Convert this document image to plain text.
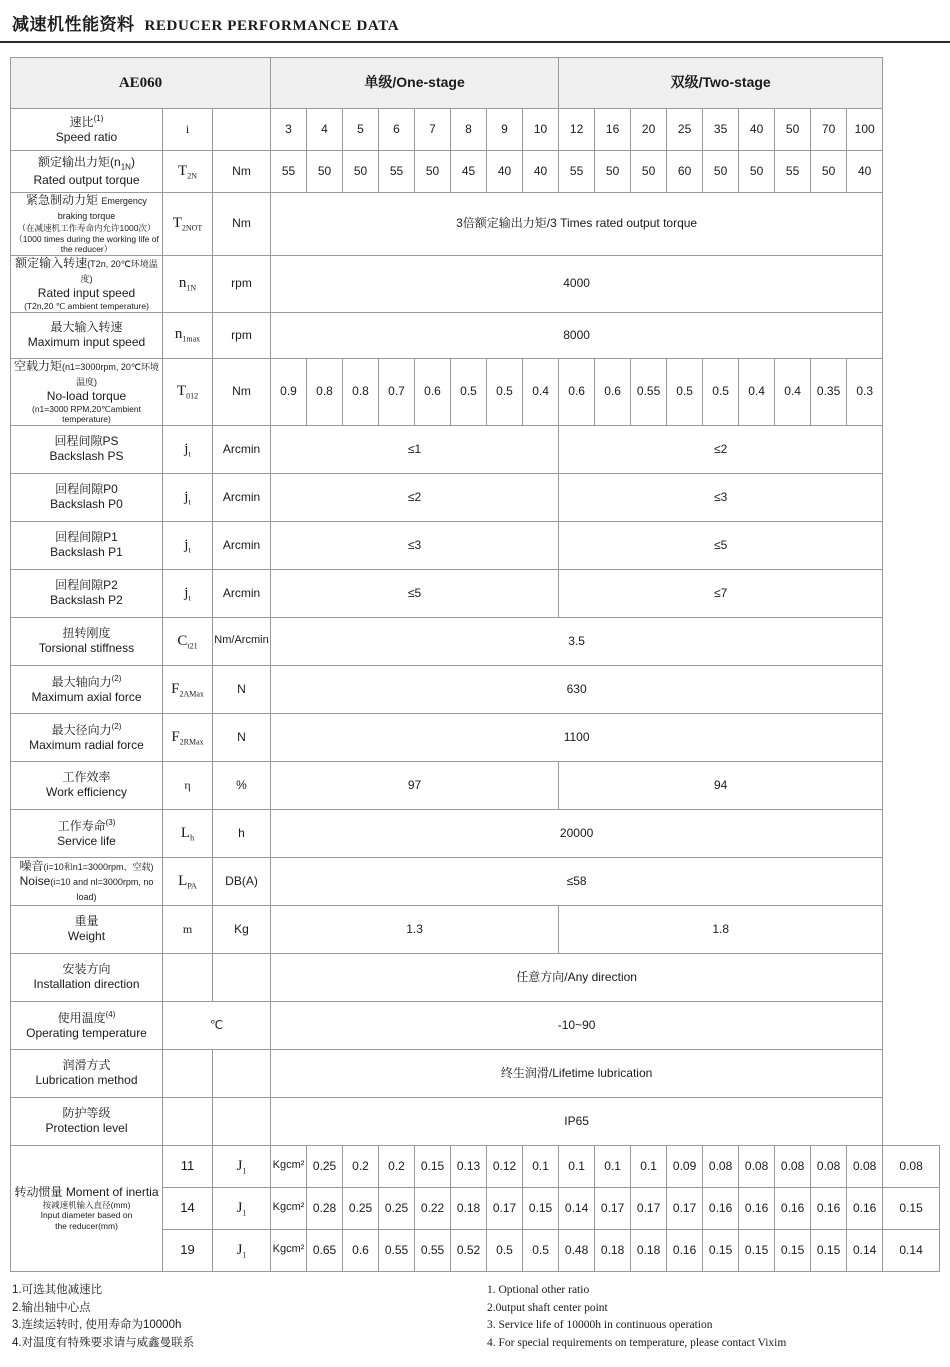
减速机性能资料 REDUCER PERFORMANCE DATA
AE060			单级/One-stage								双级/Two-stage									

速比$^{(1)}$
Speed ratio	i		3	4	5	6	7	8	9	10	12	16	20	25	35	40	50	70	100	

额定输出力矩$(n_{1N})$
Rated output torque	$T_{2N}$	Nm	55	50	50	55	50	45	40	40	55	50	50	60	50	50	55	50	40	

紧急制动力矩 Emergency braking torque
（在减速机工作寿命内允许1000次）
（1000 times during the working life of the reducer）	$T_{2NOT}$	Nm	3倍额定输出力矩/3 Times rated output torque																	

额定输入转速(T2n, 20℃环境温度)
Rated input speed
(T2n,20 ℃ ambient temperature)	$n_{1N}$	rpm	4000																	

最大输入转速
Maximum input speed	$n_{1max}$	rpm	8000																	

空载力矩(n1=3000rpm, 20℃环境温度)
No-load torque
(n1=3000 RPM,20℃ambient temperature)	$T_{012}$	Nm	0.9	0.8	0.8	0.7	0.6	0.5	0.5	0.4	0.6	0.6	0.55	0.5	0.5	0.4	0.4	0.35	0.3	

回程间隙PS
Backslash PS	$j_t$	Arcmin	≤1								≤2									

回程间隙P0
Backslash P0	$j_t$	Arcmin	≤2								≤3									

回程间隙P1
Backslash P1	$j_t$	Arcmin	≤3								≤5									

回程间隙P2
Backslash P2	$j_t$	Arcmin	≤5								≤7									

扭转刚度
Torsional stiffness	$C_{t21}$	Nm/Arcmin	3.5																	

最大轴向力$^{(2)}$
Maximum axial force	$F_{2AMax}$	N	630																	

最大径向力$^{(2)}$
Maximum radial force	$F_{2RMax}$	N	1100																	

工作效率
Work efficiency	η	%	97								94									

工作寿命$^{(3)}$
Service life	$L_h$	h	20000																	

噪音(i=10和n1=3000rpm、空载)
Noise(i=10 and nl=3000rpm, no load)	$L_{PA}$	DB(A)	≤58																	

重量
Weight	m	Kg	1.3								1.8									

安装方向
Installation direction			任意方向/Any direction																	

使用温度$^{(4)}$
Operating temperature	℃		-10~90																	

润滑方式
Lubrication method			终生润滑/Lifetime lubrication																	

防护等级
Protection level			IP65																	
转动惯量 Moment of inertia
按减速机输入直径(mm)
Input diameter based on
the reducer(mm)	11	$J_1$	Kgcm²	0.25	0.2	0.2	0.15	0.13	0.12	0.1	0.1	0.1	0.1	0.09	0.08	0.08	0.08	0.08	0.08	0.08
	14	$J_1$	Kgcm²	0.28	0.25	0.25	0.22	0.18	0.17	0.15	0.14	0.17	0.17	0.17	0.16	0.16	0.16	0.16	0.16	0.15
	19	$J_1$	Kgcm²	0.65	0.6	0.55	0.55	0.52	0.5	0.5	0.48	0.18	0.18	0.16	0.15	0.15	0.15	0.15	0.14	0.14
1.可选其他减速比
2.输出轴中心点
3.连续运转时, 使用寿命为10000h
4.对温度有特殊要求请与威鑫曼联系
1. Optional other ratio
2.0utput shaft center point
3. Service life of 10000h in continuous operation
4. For special requirements on temperature, please contact Vixim
